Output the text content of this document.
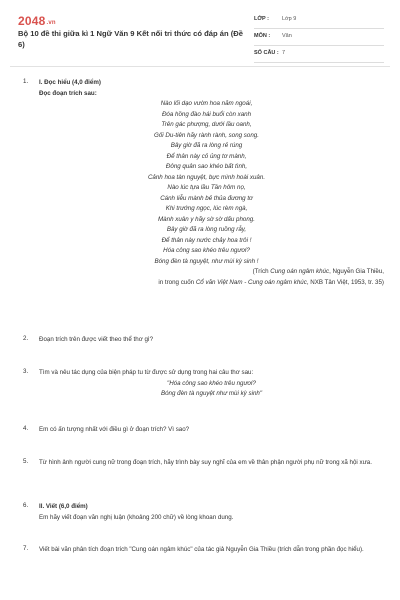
2048.vn
Bộ 10 đề thi giữa kì 1 Ngữ Văn 9 Kết nối tri thức có đáp án (Đề 6)
LỚP : Lớp 9
MÔN : Văn
SỐ CÂU : 7
1. I. Đọc hiểu (4,0 điểm)
Đọc đoạn trích sau:
Nào lối dạo vườn hoa năm ngoái,
Đóa hồng đào hái buổi còn xanh
Trên gác phượng, dưới lầu oanh,
Gối Du-tiên hãy rành rành, song song.
Bây giờ đã ra lòng rẻ rúng
Để thân này cỏ ủng tơ mành,
Đông quân sao khéo bất tình,
Cảnh hoa tàn nguyệt, bực mình hoài xuân.
Nào lúc tựa lầu Tần hôm nọ,
Cánh liễu mành bẻ thủa đương tơ
Khi trướng ngọc, lúc rèm ngà,
Mành xuân y hãy sờ sờ dấu phong.
Bây giờ đã ra lòng ruồng rẫy,
Để thân này nước chảy hoa trôi !
Hóa công sao khéo trêu ngươi?
Bóng đèn tà nguyệt, như mùi kỳ sinh !
(Trích Cung oán ngâm khúc, Nguyễn Gia Thiều,
in trong cuốn Cổ văn Việt Nam - Cung oán ngâm khúc, NXB Tân Việt, 1953, tr. 35)
2. Đoạn trích trên được viết theo thể thơ gì?
3. Tìm và nêu tác dụng của biện pháp tu từ được sử dụng trong hai câu thơ sau:
"Hóa công sao khéo trêu ngươi?
Bóng đèn tà nguyệt như mùi kỳ sinh"
4. Em có ấn tượng nhất với điều gì ở đoạn trích? Vì sao?
5. Từ hình ảnh người cung nữ trong đoạn trích, hãy trình bày suy nghĩ của em về thân phận người phụ nữ trong xã hội xưa.
6. II. Viết (6,0 điểm)
Em hãy viết đoạn văn nghị luận (khoảng 200 chữ) về lòng khoan dung.
7. Viết bài văn phân tích đoạn trích "Cung oán ngâm khúc" của tác giả Nguyễn Gia Thiều (trích dẫn trong phần đọc hiểu).
